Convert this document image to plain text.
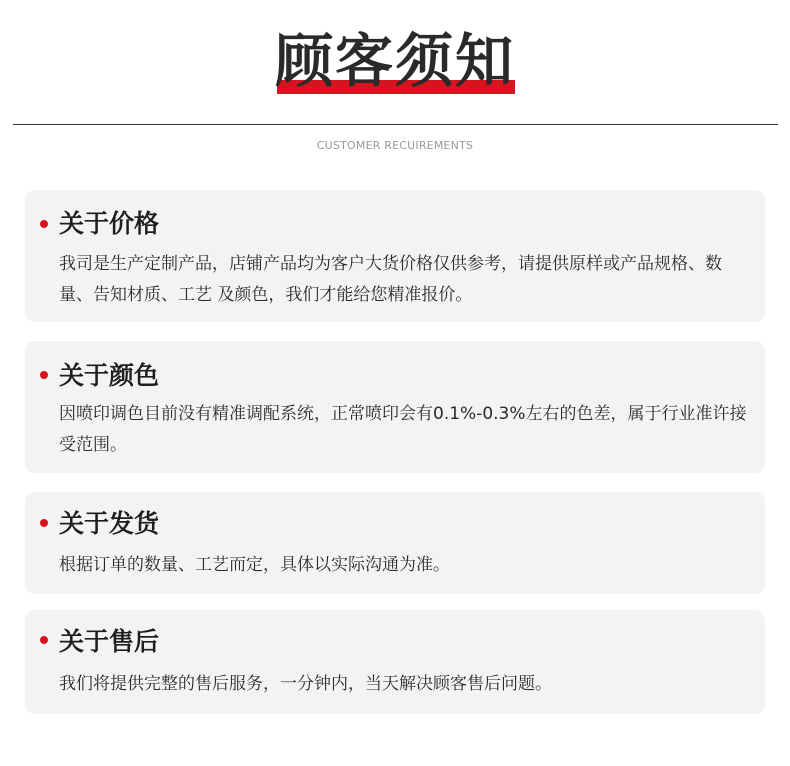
顾客须知
CUSTOMER RECUIREMENTS
关于价格
我司是生产定制产品，店铺产品均为客户大货价格仅供参考，请提供原样或产品规格、数量、告知材质、工艺 及颜色，我们才能给您精准报价。
关于颜色
因喷印调色目前没有精准调配系统，正常喷印会有0.1%-0.3%左右的色差，属于行业准许接受范围。
关于发货
根据订单的数量、工艺而定，具体以实际沟通为准。
关于售后
我们将提供完整的售后服务，一分钟内，当天解决顾客售后问题。
